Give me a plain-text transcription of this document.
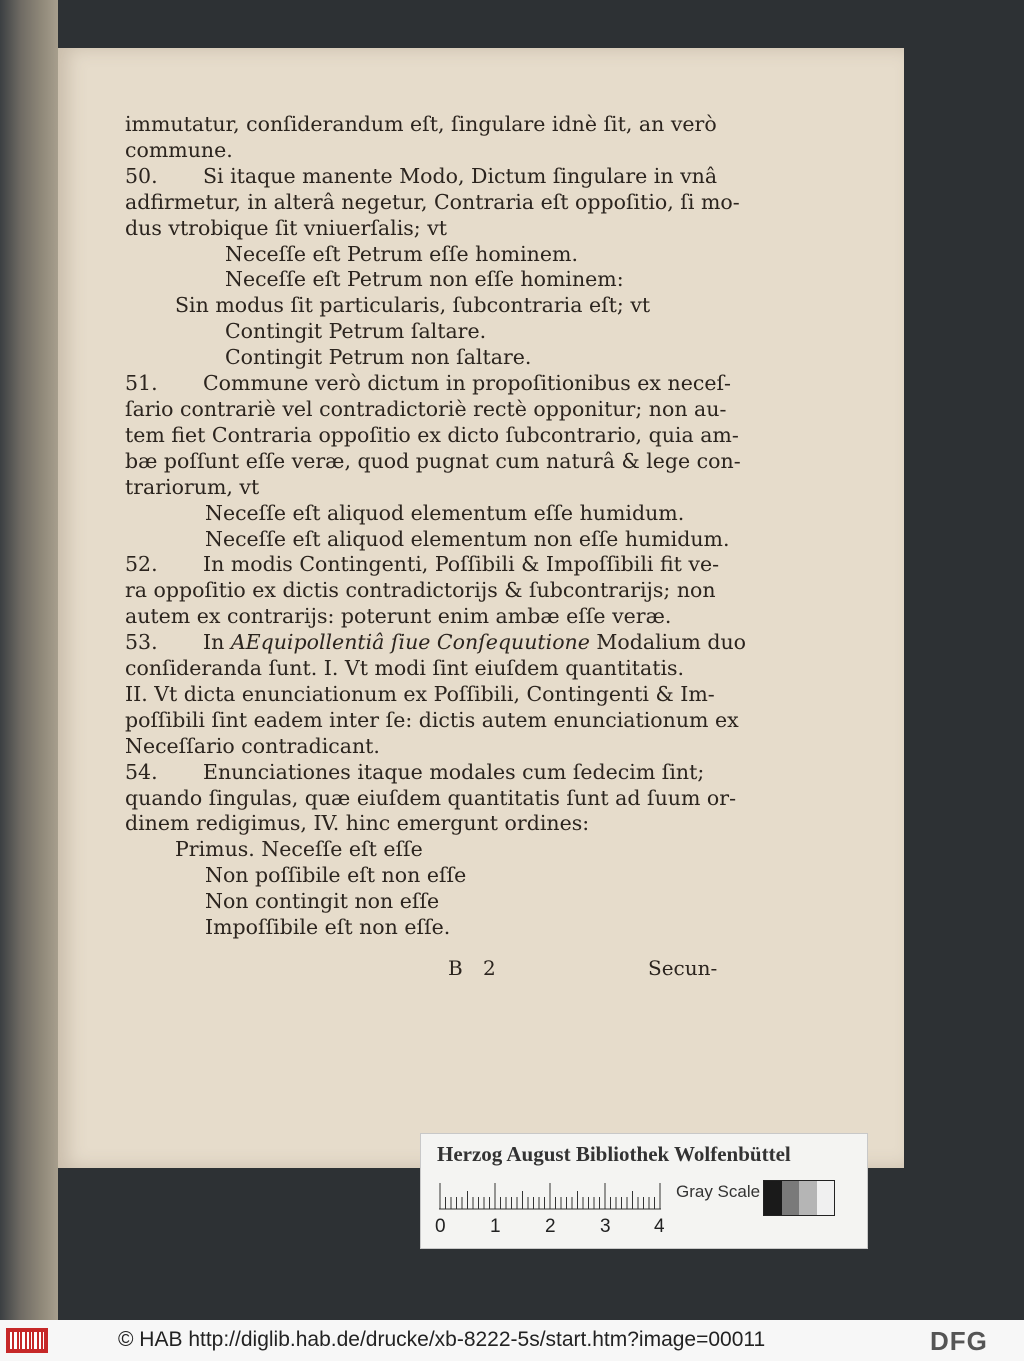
immutatur, conſiderandum eſt, ſingulare idnè ſit, an verò
commune.
50. Si itaque manente Modo, Dictum ſingulare in vnâ
adfirmetur, in alterâ negetur, Contraria eſt oppoſitio, ſi mo-
dus vtrobique ſit vniuerſalis; vt
Neceſſe eſt Petrum eſſe hominem.
Neceſſe eſt Petrum non eſſe hominem:
Sin modus ſit particularis, ſubcontraria eſt; vt
Contingit Petrum ſaltare.
Contingit Petrum non ſaltare.
51. Commune verò dictum in propoſitionibus ex neceſ-
ſario contrariè vel contradictoriè rectè opponitur; non au-
tem fiet Contraria oppoſitio ex dicto ſubcontrario, quia am-
bæ poſſunt eſſe veræ, quod pugnat cum naturâ & lege con-
trariorum, vt
Neceſſe eſt aliquod elementum eſſe humidum.
Neceſſe eſt aliquod elementum non eſſe humidum.
52. In modis Contingenti, Poſſibili & Impoſſibili fit ve-
ra oppoſitio ex dictis contradictorijs & ſubcontrarijs; non
autem ex contrarijs: poterunt enim ambæ eſſe veræ.
53. In AEquipollentiâ ſiue Conſequutione Modalium duo
conſideranda ſunt. I. Vt modi ſint eiuſdem quantitatis.
II. Vt dicta enunciationum ex Poſſibili, Contingenti & Im-
poſſibili ſint eadem inter ſe: dictis autem enunciationum ex
Neceſſario contradicant.
54. Enunciationes itaque modales cum ſedecim ſint;
quando ſingulas, quæ eiuſdem quantitatis ſunt ad ſuum or-
dinem redigimus, IV. hinc emergunt ordines:
Primus. Neceſſe eſt eſſe
Non poſſibile eſt non eſſe
Non contingit non eſſe
Impoſſibile eſt non eſſe.
B 2	Secun-
Herzog August Bibliothek Wolfenbüttel
0 1 2 3 4
Gray Scale
© HAB http://diglib.hab.de/drucke/xb-8222-5s/start.htm?image=00011	DFG
